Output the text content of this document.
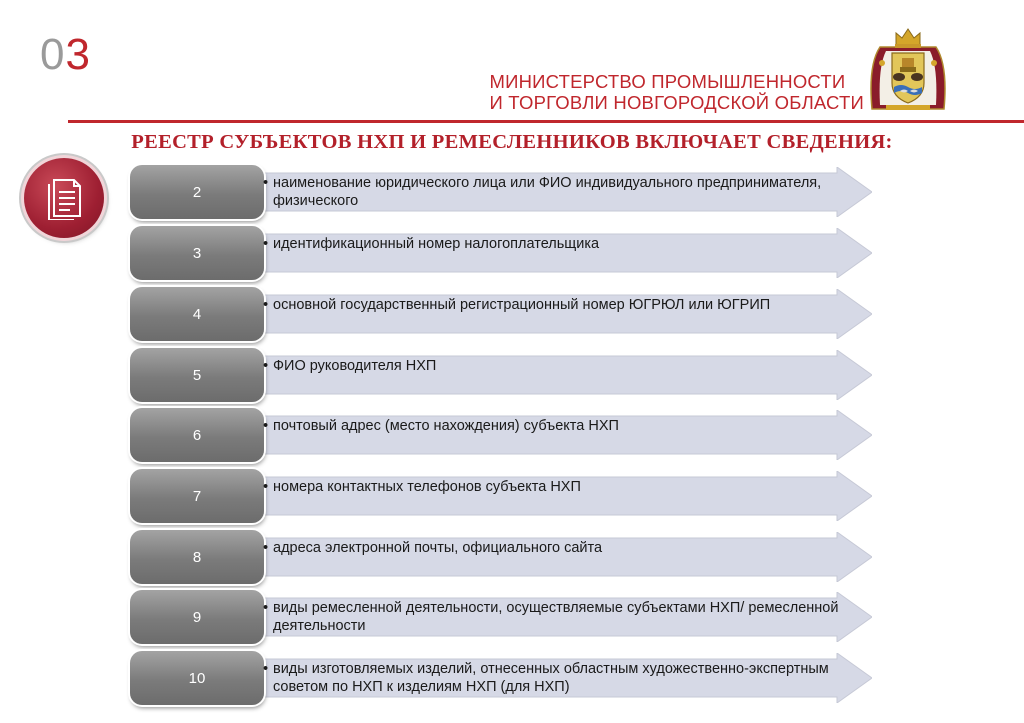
03
МИНИСТЕРСТВО ПРОМЫШЛЕННОСТИ
И ТОРГОВЛИ НОВГОРОДСКОЙ ОБЛАСТИ
РЕЕСТР СУБЪЕКТОВ НХП И РЕМЕСЛЕННИКОВ ВКЛЮЧАЕТ СВЕДЕНИЯ:
2
• наименование юридического лица или ФИО индивидуального предпринимателя, физического
3
• идентификационный номер налогоплательщика
4
• основной государственный регистрационный номер ЮГРЮЛ или ЮГРИП
5
• ФИО руководителя НХП
6
• почтовый адрес (место нахождения) субъекта НХП
7
• номера контактных телефонов субъекта НХП
8
• адреса электронной почты, официального сайта
9
• виды ремесленной деятельности, осуществляемые субъектами НХП/ ремесленной деятельности
10
• виды изготовляемых изделий, отнесенных областным художественно-экспертным советом по НХП к изделиям НХП (для НХП)
